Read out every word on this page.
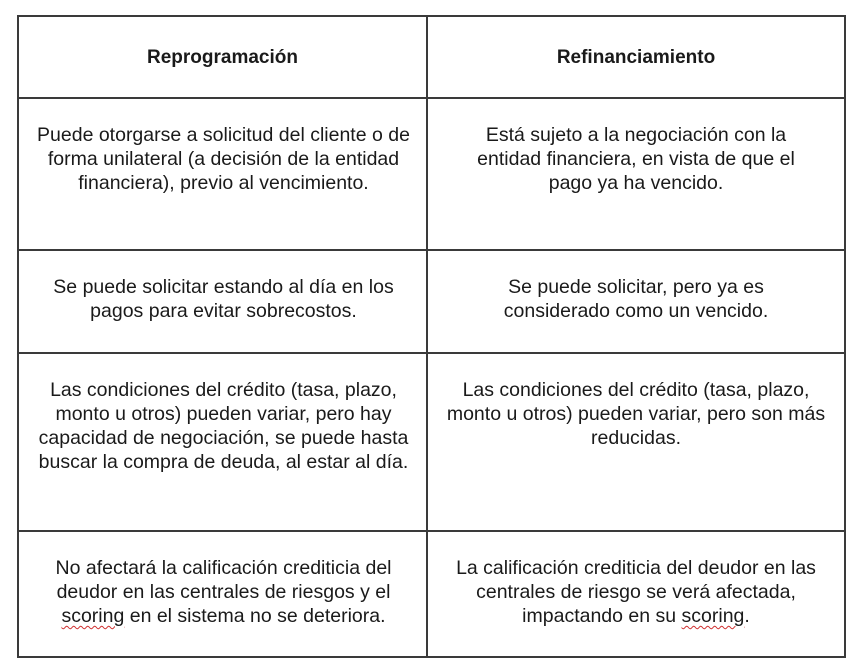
Reprogramación	Refinanciamiento
Puede otorgarse a solicitud del cliente o de forma unilateral (a decisión de la entidad financiera), previo al vencimiento.
Está sujeto a la negociación con la entidad financiera, en vista de que el pago ya ha vencido.
Se puede solicitar estando al día en los pagos para evitar sobrecostos.
Se puede solicitar, pero ya es considerado como un vencido.
Las condiciones del crédito (tasa, plazo, monto u otros) pueden variar, pero hay capacidad de negociación, se puede hasta buscar la compra de deuda, al estar al día.
Las condiciones del crédito (tasa, plazo, monto u otros) pueden variar, pero son más reducidas.
No afectará la calificación crediticia del deudor en las centrales de riesgos y el scoring en el sistema no se deteriora.
La calificación crediticia del deudor en las centrales de riesgo se verá afectada, impactando en su scoring.
